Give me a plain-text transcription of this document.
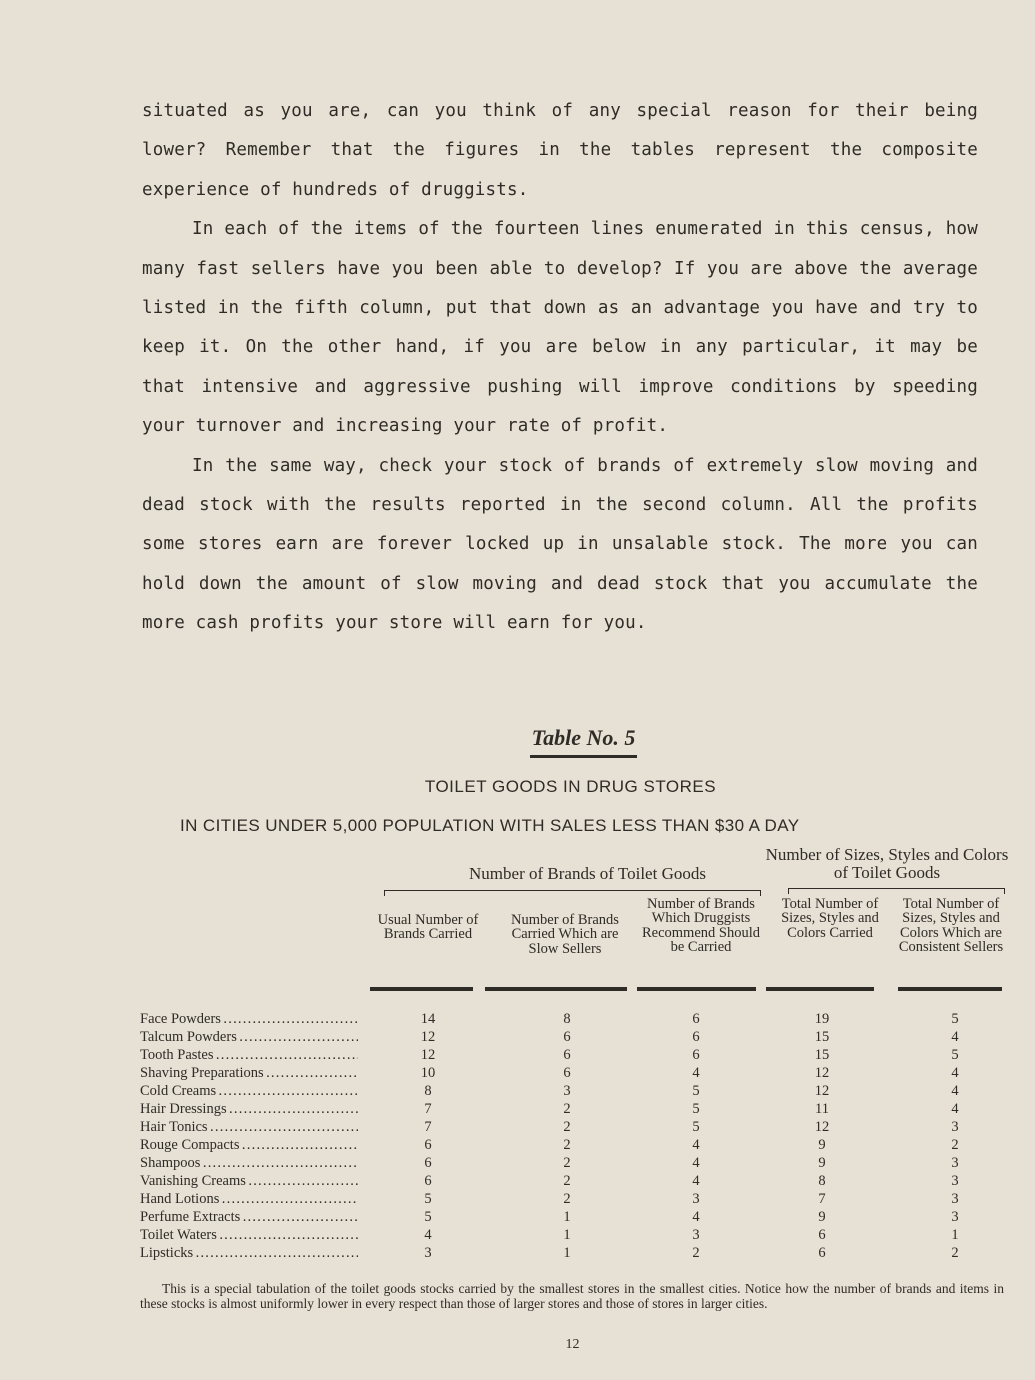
situated as you are, can you think of any special reason for their being lower? Remember that the figures in the tables represent the composite experience of hundreds of druggists.

In each of the items of the fourteen lines enumerated in this census, how many fast sellers have you been able to develop? If you are above the average listed in the fifth column, put that down as an advantage you have and try to keep it. On the other hand, if you are below in any particular, it may be that intensive and aggressive pushing will improve conditions by speeding your turnover and increasing your rate of profit.

In the same way, check your stock of brands of extremely slow moving and dead stock with the results reported in the second column. All the profits some stores earn are forever locked up in unsalable stock. The more you can hold down the amount of slow moving and dead stock that you accumulate the more cash profits your store will earn for you.

Table No. 5
TOILET GOODS IN DRUG STORES
IN CITIES UNDER 5,000 POPULATION WITH SALES LESS THAN $30 A DAY
Number of Brands of Toilet Goods
Number of Sizes, Styles and Colors of Toilet Goods
Usual Number of Brands Carried
Number of Brands Carried Which are Slow Sellers
Number of Brands Which Druggists Recommend Should be Carried
Total Number of Sizes, Styles and Colors Carried
Total Number of Sizes, Styles and Colors Which are Consistent Sellers
Face Powders . . .	14	8	6	19	5
Talcum Powders . . .	12	6	6	15	4
Tooth Pastes . . .	12	6	6	15	5
Shaving Preparations . . .	10	6	4	12	4
Cold Creams . . .	8	3	5	12	4
Hair Dressings . . .	7	2	5	11	4
Hair Tonics . . .	7	2	5	12	3
Rouge Compacts . . .	6	2	4	9	2
Shampoos . . .	6	2	4	9	3
Vanishing Creams . . .	6	2	4	8	3
Hand Lotions . . .	5	2	3	7	3
Perfume Extracts . . .	5	1	4	9	3
Toilet Waters . . .	4	1	3	6	1
Lipsticks . . .	3	1	2	6	2
This is a special tabulation of the toilet goods stocks carried by the smallest stores in the smallest cities. Notice how the number of brands and items in these stocks is almost uniformly lower in every respect than those of larger stores and those of stores in larger cities.
12
